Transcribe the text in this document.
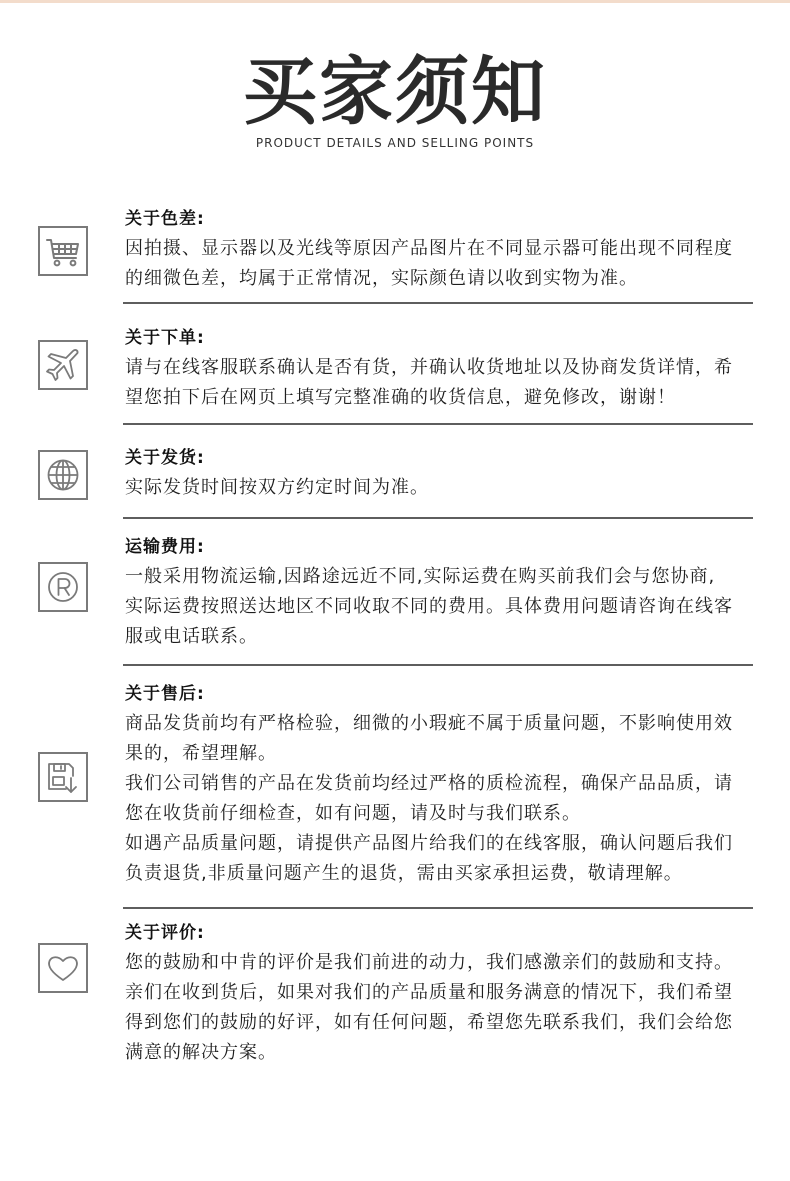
买家须知
PRODUCT DETAILS AND SELLING POINTS
关于色差:
因拍摄、显示器以及光线等原因产品图片在不同显示器可能出现不同程度
的细微色差，均属于正常情况，实际颜色请以收到实物为准。
关于下单:
请与在线客服联系确认是否有货，并确认收货地址以及协商发货详情，希
望您拍下后在网页上填写完整准确的收货信息，避免修改，谢谢！
关于发货:
实际发货时间按双方约定时间为准。
运输费用:
一般采用物流运输,因路途远近不同,实际运费在购买前我们会与您协商,
实际运费按照送达地区不同收取不同的费用。具体费用问题请咨询在线客
服或电话联系。
关于售后:
商品发货前均有严格检验，细微的小瑕疵不属于质量问题，不影响使用效
果的，希望理解。
我们公司销售的产品在发货前均经过严格的质检流程，确保产品品质，请
您在收货前仔细检查，如有问题，请及时与我们联系。
如遇产品质量问题，请提供产品图片给我们的在线客服，确认问题后我们
负责退货,非质量问题产生的退货，需由买家承担运费，敬请理解。
关于评价:
您的鼓励和中肯的评价是我们前进的动力，我们感激亲们的鼓励和支持。
亲们在收到货后，如果对我们的产品质量和服务满意的情况下，我们希望
得到您们的鼓励的好评，如有任何问题，希望您先联系我们，我们会给您
满意的解决方案。
